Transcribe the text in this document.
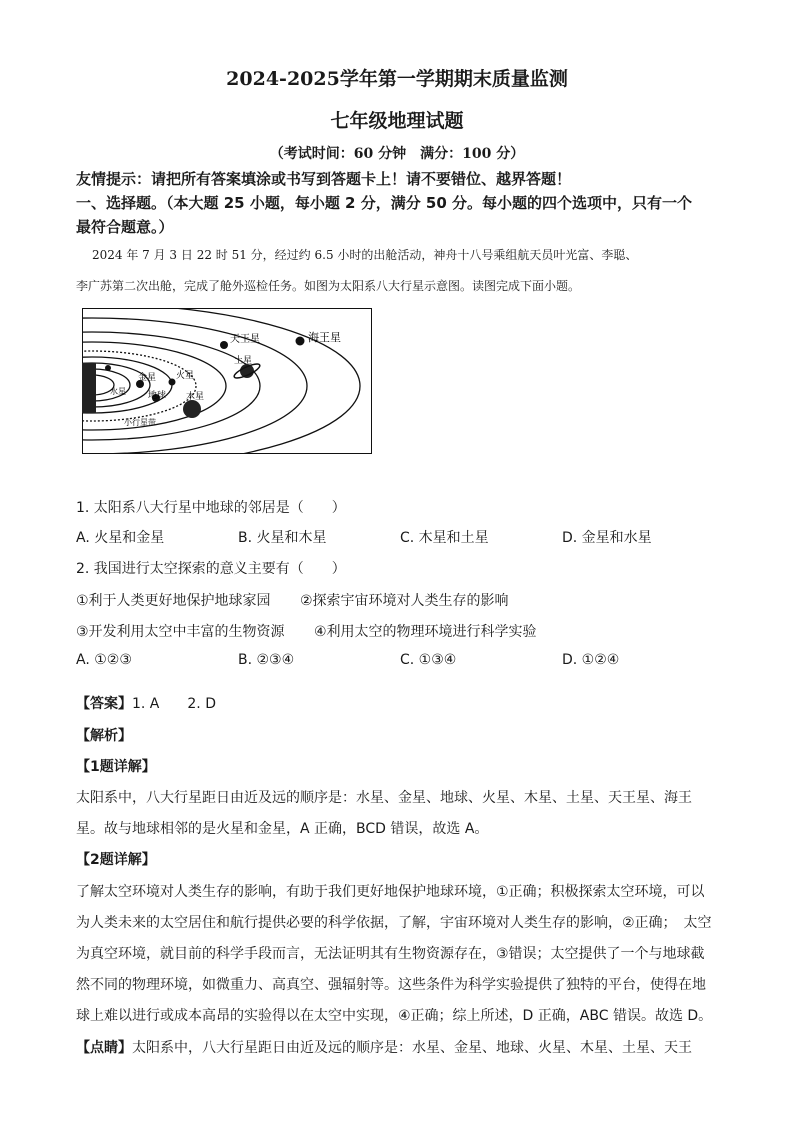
2024-2025学年第一学期期末质量监测
七年级地理试题
（考试时间：60 分钟　满分：100 分）
友情提示：请把所有答案填涂或书写到答题卡上！请不要错位、越界答题！
一、选择题。（本大题 25 小题，每小题 2 分，满分 50 分。每小题的四个选项中，只有一个
最符合题意。）
2024 年 7 月 3 日 22 时 51 分，经过约 6.5 小时的出舱活动，神舟十八号乘组航天员叶光富、李聪、
李广苏第二次出舱，完成了舱外巡检任务。如图为太阳系八大行星示意图。读图完成下面小题。
天王星	海王星
土星
金星 火星
水星 地球 木星
小行星带
1. 太阳系八大行星中地球的邻居是（　　）
A. 火星和金星	B. 火星和木星	C. 木星和土星	D. 金星和水星
2. 我国进行太空探索的意义主要有（　　）
①利于人类更好地保护地球家园 ②探索宇宙环境对人类生存的影响
③开发利用太空中丰富的生物资源 ④利用太空的物理环境进行科学实验
A. ①②③	B. ②③④	C. ①③④	D. ①②④
【答案】1. A　　2. D
【解析】
【1题详解】
太阳系中，八大行星距日由近及远的顺序是：水星、金星、地球、火星、木星、土星、天王星、海王
星。故与地球相邻的是火星和金星，A 正确，BCD 错误，故选 A。
【2题详解】
了解太空环境对人类生存的影响，有助于我们更好地保护地球环境，①正确；积极探索太空环境，可以
为人类未来的太空居住和航行提供必要的科学依据，了解，宇宙环境对人类生存的影响，②正确；　太空
为真空环境，就目前的科学手段而言，无法证明其有生物资源存在，③错误；太空提供了一个与地球截
然不同的物理环境，如微重力、高真空、强辐射等。这些条件为科学实验提供了独特的平台，使得在地
球上难以进行或成本高昂的实验得以在太空中实现，④正确；综上所述，D 正确，ABC 错误。故选 D。
【点睛】太阳系中，八大行星距日由近及远的顺序是：水星、金星、地球、火星、木星、土星、天王
